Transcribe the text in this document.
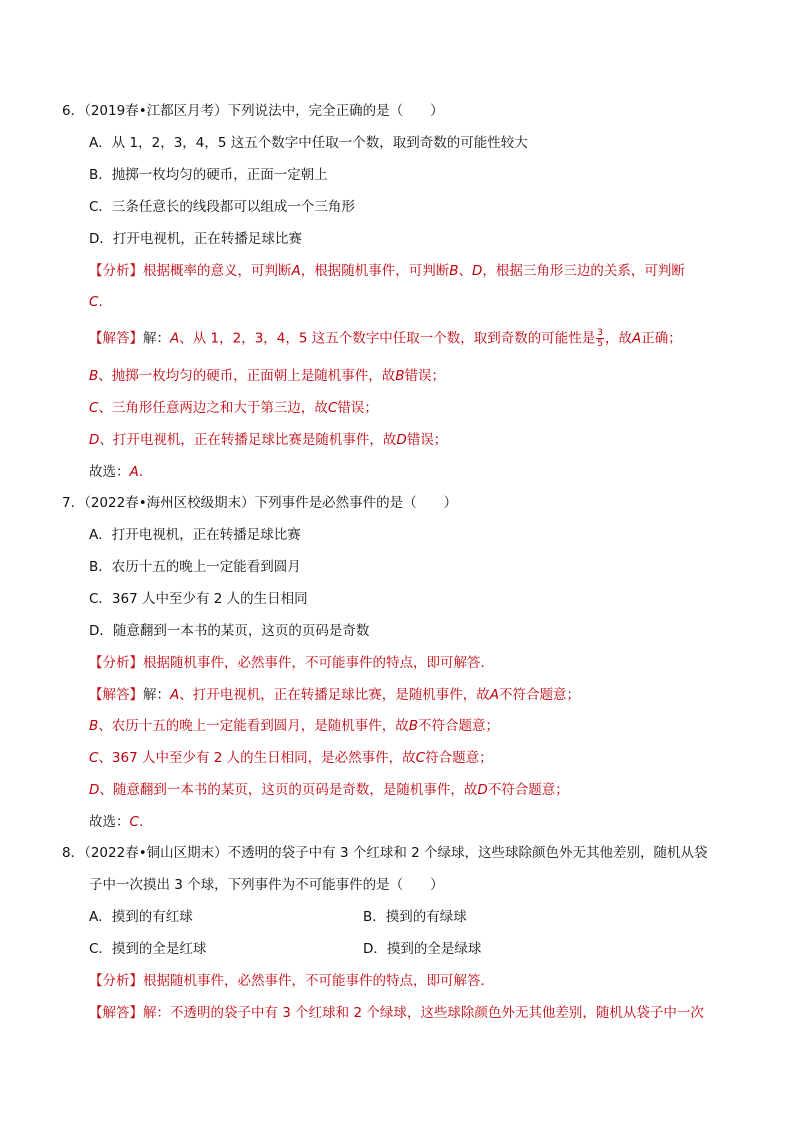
6．（2019春•江都区月考）下列说法中，完全正确的是（　　）
A．从 1，2，3，4，5 这五个数字中任取一个数，取到奇数的可能性较大
B．抛掷一枚均匀的硬币，正面一定朝上
C．三条任意长的线段都可以组成一个三角形
D．打开电视机，正在转播足球比赛
【分析】根据概率的意义，可判断A，根据随机事件，可判断B、D，根据三角形三边的关系，可判断
C.
【解答】解：A、从 1，2，3，4，5 这五个数字中任取一个数，取到奇数的可能性是 $\frac{3}{5}$ ，故A正确；
B、抛掷一枚均匀的硬币，正面朝上是随机事件，故B错误；
C、三角形任意两边之和大于第三边，故C错误；
D、打开电视机，正在转播足球比赛是随机事件，故D错误；
故选：A.
7．（2022春•海州区校级期末）下列事件是必然事件的是（　　）
A．打开电视机，正在转播足球比赛
B．农历十五的晚上一定能看到圆月
C．367 人中至少有 2 人的生日相同
D．随意翻到一本书的某页，这页的页码是奇数
【分析】根据随机事件，必然事件，不可能事件的特点，即可解答．
【解答】解：A、打开电视机，正在转播足球比赛，是随机事件，故A不符合题意；
B、农历十五的晚上一定能看到圆月，是随机事件，故B不符合题意；
C、367 人中至少有 2 人的生日相同，是必然事件，故C符合题意；
D、随意翻到一本书的某页，这页的页码是奇数，是随机事件，故D不符合题意；
故选：C.
8．（2022春•铜山区期末）不透明的袋子中有 3 个红球和 2 个绿球，这些球除颜色外无其他差别，随机从袋
子中一次摸出 3 个球，下列事件为不可能事件的是（　　）
A．摸到的有红球	B．摸到的有绿球
C．摸到的全是红球	D．摸到的全是绿球
【分析】根据随机事件，必然事件，不可能事件的特点，即可解答．
【解答】解：不透明的袋子中有 3 个红球和 2 个绿球，这些球除颜色外无其他差别，随机从袋子中一次
